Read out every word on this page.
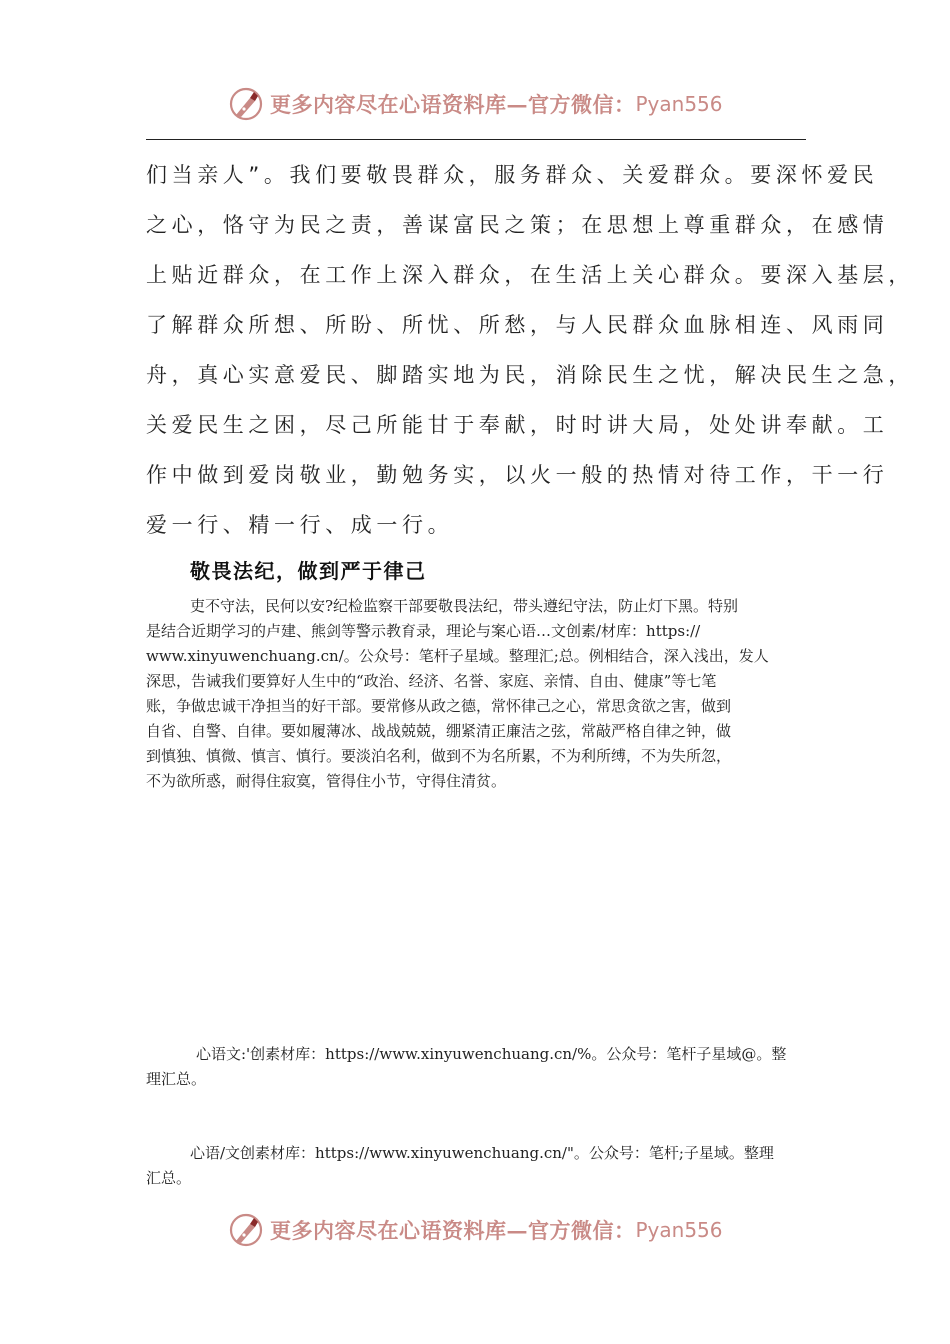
更多内容尽在心语资料库—官方微信： Pyan556

们当亲人”。我们要敬畏群众，服务群众、关爱群众。要深怀爱民

之心，恪守为民之责，善谋富民之策；在思想上尊重群众，在感情

上贴近群众，在工作上深入群众，在生活上关心群众。要深入基层，

了解群众所想、所盼、所忧、所愁，与人民群众血脉相连、风雨同

舟，真心实意爱民、脚踏实地为民，消除民生之忧，解决民生之急，

关爱民生之困，尽己所能甘于奉献，时时讲大局，处处讲奉献。工

作中做到爱岗敬业，勤勉务实，以火一般的热情对待工作，干一行

爱一行、精一行、成一行。

敬畏法纪，做到严于律己

吏不守法，民何以安?纪检监察干部要敬畏法纪，带头遵纪守法，防止灯下黑。特别

是结合近期学习的卢建、熊剑等警示教育录，理论与案心语…文创素/材库：https://

www.xinyuwenchuang.cn/。公众号：笔杆子星域。整理汇;总。例相结合，深入浅出，发人

深思，告诫我们要算好人生中的“政治、经济、名誉、家庭、亲情、自由、健康”等七笔

账，争做忠诚干净担当的好干部。要常修从政之德，常怀律己之心，常思贪欲之害，做到

自省、自警、自律。要如履薄冰、战战兢兢，绷紧清正廉洁之弦，常敲严格自律之钟，做

到慎独、慎微、慎言、慎行。要淡泊名利，做到不为名所累，不为利所缚，不为失所忽，

不为欲所惑，耐得住寂寞，管得住小节，守得住清贫。

心语文:'创素材库：https://www.xinyuwenchuang.cn/%。公众号：笔杆子星域@。整

理汇总。

心语/文创素材库：https://www.xinyuwenchuang.cn/"。公众号：笔杆;子星域。整理

汇总。

更多内容尽在心语资料库—官方微信： Pyan556
